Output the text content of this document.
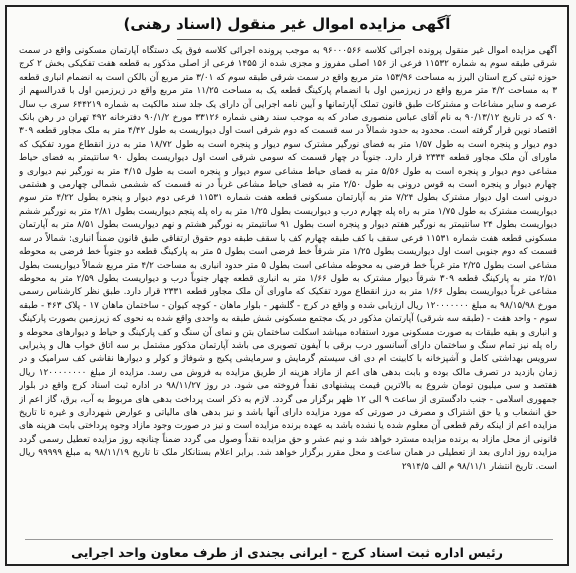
آگهی مزایده اموال غیر منقول (اسناد رهنی)

آگهی مزایده اموال غیر منقول پرونده اجرائی کلاسه ۹۶۰۰۰۵۶۶ به موجب پرونده اجرائی کلاسه فوق یک دستگاه آپارتمان مسکونی واقع در سمت شرقی طبقه سوم به شماره ۱۱۵۳۲ فرعی از ۱۵۶ اصلی مفروز و مجزی شده از ۱۴۵۵ فرعی از اصلی مذکور به قطعه هفت تفکیکی بخش ۲ کرج حوزه ثبتی کرج استان البرز به مساحت ۱۵۳/۹۶ متر مربع واقع در سمت شرقی طبقه سوم که ۳/۰۱ متر مربع آن بالکن است به انضمام انباری قطعه ۳ به مساحت ۴/۲ متر مربع واقع در زیرزمین اول با انضمام پارکینگ قطعه یک به مساحت ۱۱/۲۵ متر مربع واقع در زیرزمین اول با قدرالسهم از عرصه و سایر مشاعات و مشترکات طبق قانون تملک آپارتمانها و آیین نامه اجرایی آن دارای یک جلد سند مالکیت به شماره ۶۴۴۲۱۹ سری ب سال ۹۰ که در تاریخ ۹۰/۱۳/۱۲ به نام آقای عباس منصوری صادر که به موجب سند رهنی شماره ۳۳۱۲۶ مورخ ۹۰/۱/۲ دفترخانه ۴۹۲ تهران در رهن بانک اقتصاد نوین قرار گرفته است. محدود به حدود شمالاً در سه قسمت که دوم شرقی است اول دیواریست به طول ۴/۴۲ متر به ملک مجاور قطعه ۳۰۹ دوم دیوار و پنجره است به طول ۱/۵۷ متر به فضای نورگیر مشترک سوم دیوار و پنجره است به طول ۱۸/۷۲ متر به درز انقطاع مورد تفکیک که ماورای آن ملک مجاور قطعه ۲۳۳۴ قرار دارد. جنوباً در چهار قسمت که سومی شرقی است اول دیواریست بطول ۹۰ سانتیمتر به فضای حیاط مشاعی دوم دیوار و پنجره است به طول ۵/۵۶ متر به فضای حیاط مشاعی سوم دیوار و پنجره است به طول ۴/۱۵ متر به نورگیر نیم دیواری و چهارم دیوار و پنجره است به قوس درونی به طول ۲/۵۰ متر به فضای حیاط مشاعی غرباً در نه قسمت که ششمی شمالی چهارمی و هشتمی درونی است اول دیوار مشترک بطول ۷/۲۴ متر به آپارتمان مسکونی قطعه هفت شماره ۱۱۵۳۱ فرعی دوم دیوار و پنجره بطول ۴/۲۲ متر سوم دیواریست مشترک به طول ۱/۷۵ متر به راه پله چهارم درب و دیواریست بطول ۱/۲۵ متر به راه پله پنجم دیواریست بطول ۲/۸۱ متر به نورگیر ششم دیواریست بطول ۲۴ سانتیمتر به نورگیر هفتم دیوار و پنجره است بطول ۹۱ سانتیمتر به نورگیر هشتم و نهم دیواریست بطول ۸/۵۱ متر به آپارتمان مسکونی قطعه هفت شماره ۱۱۵۳۱ فرعی سقف با کف طبقه چهارم کف با سقف طبقه دوم حقوق ارتفاقی طبق قانون ضمناً انباری: شمالاً در سه قسمت که دوم جنوبی است اول دیواریست بطول ۱/۲۵ متر شرقاً خط فرضی است بطول ۵ متر به پارکینگ قطعه دو جنوباً خط فرضی به محوطه مشاعی است بطول ۲/۲۵ متر غرباً خط فرضی به محوطه مشاعی است بطول ۵ متر حدود انباری به مساحت ۴/۲ متر مربع شمالاً دیواریست بطول ۲/۵۱ متر به پارکینگ قطعه ۳۰۹ شرقاً دیوار مشترک به طول ۱/۶۶ متر به انباری قطعه چهار جنوباً درب و دیواریست بطول ۲/۵۹ متر به محوطه مشاعی غرباً دیواریست بطول ۱/۶۶ متر به درز انقطاع مورد تفکیک که ماورای آن ملک مجاور قطعه ۲۳۳۱ قرار دارد. طبق نظر کارشناس رسمی مورخ ۹۸/۱۵/۹۸ به مبلغ ۱۲۰۰۰۰۰۰۰ ریال ارزیابی شده و واقع در کرج - گلشهر - بلوار ماهان - کوچه کیوان - ساختمان ماهان ۱۷ - پلاک ۴۶۳ - طبقه سوم - واحد هفت - (طبقه سه شرقی) آپارتمان مذکور در یک مجتمع مسکونی شش طبقه به واحدی واقع شده به نحوی که زیرزمین بصورت پارکینگ و انباری و بقیه طبقات به صورت مسکونی مورد استفاده میباشد اسکلت ساختمان بتن و نمای آن سنگ و کف پارکینگ و حیاط و دیوارهای محوطه و راه پله نیز تمام سنگ و ساختمان دارای آسانسور درب برقی با آیفون تصویری می باشد آپارتمان مذکور مشتمل بر سه اتاق خواب هال و پذیرایی سرویس بهداشتی کامل و آشپزخانه با کابینت ام دی اف سیستم گرمایش و سرمایشی پکیج و شوفاژ و کولر و دیوارها نقاشی کف سرامیک و در زمان بازدید در تصرف مالک بوده و بابت بدهی های اعم از مازاد هزینه از طریق مزایده به فروش می رسد. مزایده از مبلغ ۱۲۰۰۰۰۰۰۰۰ ریال هفتصد و سی میلیون تومان شروع به بالاترین قیمت پیشنهادی نقداً فروخته می شود. در روز ۹۸/۱۱/۲۷ در اداره ثبت اسناد کرج واقع در بلوار جمهوری اسلامی - جنب دادگستری از ساعت ۹ الی ۱۲ ظهر برگزار می گردد. لازم به ذکر است پرداخت بدهی های مربوط به آب، برق، گاز اعم از حق انشعاب و یا حق اشتراک و مصرف در صورتی که مورد مزایده دارای آنها باشد و نیز بدهی های مالیاتی و عوارض شهرداری و غیره تا تاریخ مزایده اعم از اینکه رقم قطعی آن معلوم شده یا نشده باشد به عهده برنده مزایده است و نیز در صورت وجود مازاد وجوه پرداختی بابت هزینه های قانونی از محل مازاد به برنده مزایده مسترد خواهد شد و نیم عشر و حق مزایده نقداً وصول می گردد ضمناً چنانچه روز مزایده تعطیل رسمی گردد مزایده روز اداری بعد از تعطیلی در همان ساعت و محل مقرر برگزار خواهد شد. برابر اعلام بستانکار ملک تا تاریخ ۹۸/۱۱/۱۹ به مبلغ ۹۹۹۹۹ ریال است. تاریخ انتشار ۹۸/۱۱/۱ م الف ۲۹۱۴/۵

رئیس اداره ثبت اسناد کرج - ایرانی بجندی از طرف معاون واحد اجرایی
